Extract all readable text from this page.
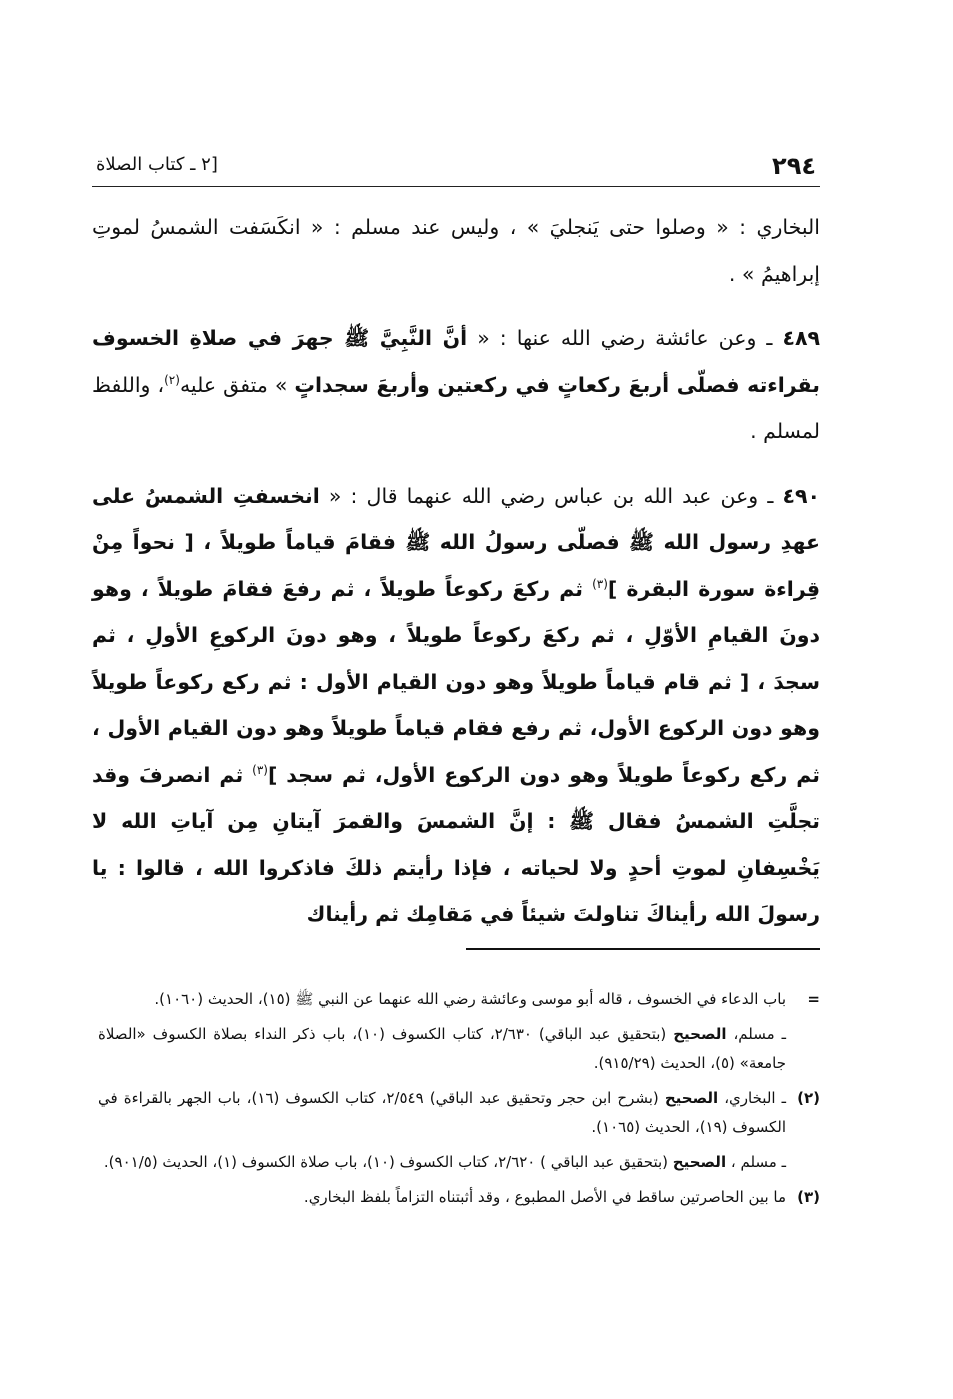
٢٩٤
[٢ ـ كتاب الصلاة

البخاري : « وصلوا حتى يَنجليَ » ، وليس عند مسلم : « انكَسَفت الشمسُ لموتِ إبراهيمُ » .

٤٨٩ ـ وعن عائشة رضي الله عنها : « أنَّ النَّبِيَّ ﷺ جهرَ في صلاةِ الخسوف بقراءته فصلّى أربعَ ركعاتٍ في ركعتين وأربعَ سجداتٍ » متفق عليه$^{(٢)}$، واللفظ لمسلم .

٤٩٠ ـ وعن عبد الله بن عباس رضي الله عنهما قال : « انخسفتِ الشمسُ على عهدِ رسول الله ﷺ فصلّى رسولُ الله ﷺ فقامَ قياماً طويلاً ، [ نحواً مِنْ قِراءة سورة البقرة ]$^{(٣)}$ ثم ركعَ ركوعاً طويلاً ، ثم رفعَ فقامَ طويلاً ، وهو دونَ القيامِ الأوّلِ ، ثم ركعَ ركوعاً طويلاً ، وهو دونَ الركوعِ الأولِ ، ثم سجدَ ، [ ثم قام قياماً طويلاً وهو دون القيام الأول : ثم ركع ركوعاً طويلاً وهو دون الركوع الأول، ثم رفع فقام قياماً طويلاً وهو دون القيام الأول ، ثم ركع ركوعاً طويلاً وهو دون الركوع الأول، ثم سجد ]$^{(٣)}$ ثم انصرفَ وقد تجلَّتِ الشمسُ فقال ﷺ : إنَّ الشمسَ والقمرَ آيتانِ مِن آياتِ الله لا يَخْسِفانِ لموتِ أحدٍ ولا لحياته ، فإذا رأيتم ذلكَ فاذكروا الله ، قالوا : يا رسولَ الله رأيناكَ تناولتَ شيئاً في مَقامِك ثم رأيناك

=
باب الدعاء في الخسوف ، قاله أبو موسى وعائشة رضي الله عنهما عن النبي ﷺ (١٥)، الحديث (١٠٦٠).
ـ مسلم، الصحيح (بتحقيق عبد الباقي) ٢/٦٣٠، كتاب الكسوف (١٠)، باب ذكر النداء بصلاة الكسوف «الصلاة جامعة» (٥)، الحديث (٩١٥/٢٩).
(٢)
ـ البخاري، الصحيح (بشرح ابن حجر وتحقيق عبد الباقي) ٢/٥٤٩، كتاب الكسوف (١٦)، باب الجهر بالقراءة في الكسوف (١٩)، الحديث (١٠٦٥).
ـ مسلم ، الصحيح (بتحقيق عبد الباقي ) ٢/٦٢٠، كتاب الكسوف (١٠)، باب صلاة الكسوف (١)، الحديث (٩٠١/٥).
(٣)
ما بين الحاصرتين ساقط في الأصل المطبوع ، وقد أثبتناه التزاماً بلفظ البخاري.
